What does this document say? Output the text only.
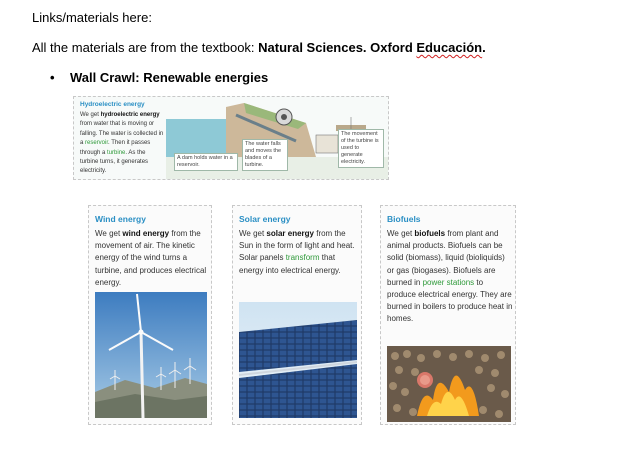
Links/materials here:
All the materials are from the textbook: Natural Sciences. Oxford Educación.
• Wall Crawl: Renewable energies
Hydroelectric energy
We get hydroelectric energy from water that is moving or falling. The water is collected in a reservoir. Then it passes through a turbine. As the turbine turns, it generates electricity.
A dam holds water in a reservoir.
The water falls and moves the blades of a turbine.
The movement of the turbine is used to generate electricity.
Wind energy
We get wind energy from the movement of air. The kinetic energy of the wind turns a turbine, and produces electrical energy.
Solar energy
We get solar energy from the Sun in the form of light and heat. Solar panels transform that energy into electrical energy.
Biofuels
We get biofuels from plant and animal products. Biofuels can be solid (biomass), liquid (bioliquids) or gas (biogases). Biofuels are burned in power stations to produce electrical energy. They are burned in boilers to produce heat in homes.
